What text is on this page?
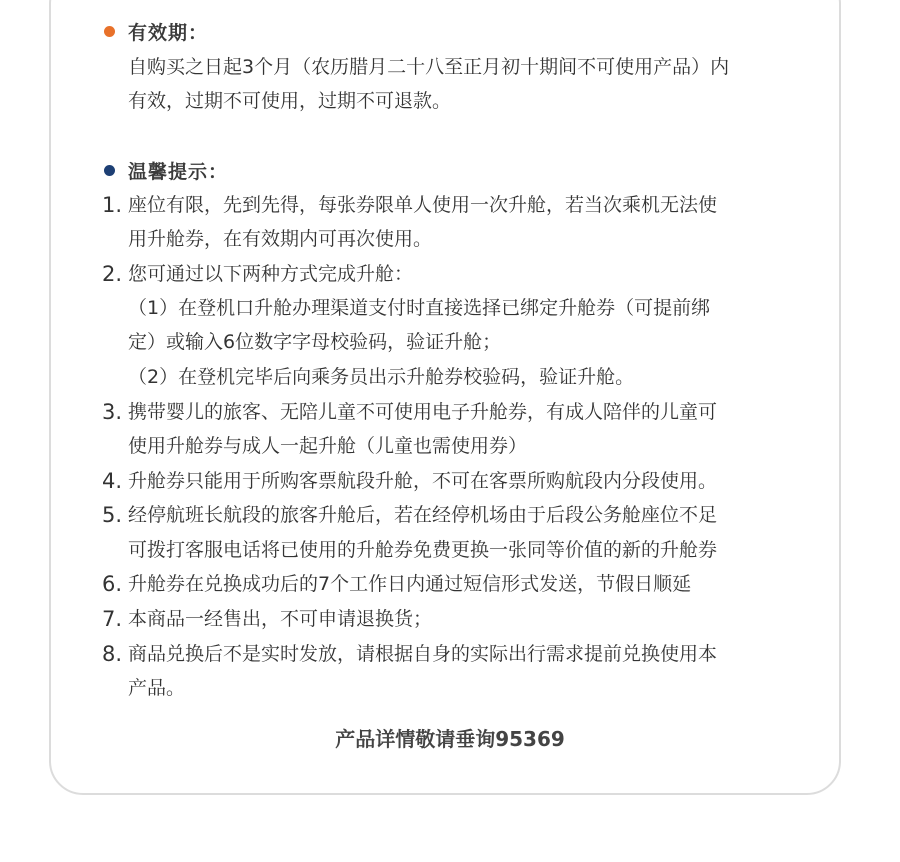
有效期：
自购买之日起3个月（农历腊月二十八至正月初十期间不可使用产品）内
有效，过期不可使用，过期不可退款。
温馨提示：
1. 座位有限，先到先得，每张券限单人使用一次升舱，若当次乘机无法使
用升舱券，在有效期内可再次使用。
2. 您可通过以下两种方式完成升舱：
（1）在登机口升舱办理渠道支付时直接选择已绑定升舱券（可提前绑
定）或输入6位数字字母校验码，验证升舱；
（2）在登机完毕后向乘务员出示升舱券校验码，验证升舱。
3. 携带婴儿的旅客、无陪儿童不可使用电子升舱券，有成人陪伴的儿童可
使用升舱券与成人一起升舱（儿童也需使用券）
4. 升舱券只能用于所购客票航段升舱，不可在客票所购航段内分段使用。
5. 经停航班长航段的旅客升舱后，若在经停机场由于后段公务舱座位不足
可拨打客服电话将已使用的升舱券免费更换一张同等价值的新的升舱券
6. 升舱券在兑换成功后的7个工作日内通过短信形式发送，节假日顺延
7. 本商品一经售出，不可申请退换货；
8. 商品兑换后不是实时发放，请根据自身的实际出行需求提前兑换使用本
产品。
产品详情敬请垂询95369
